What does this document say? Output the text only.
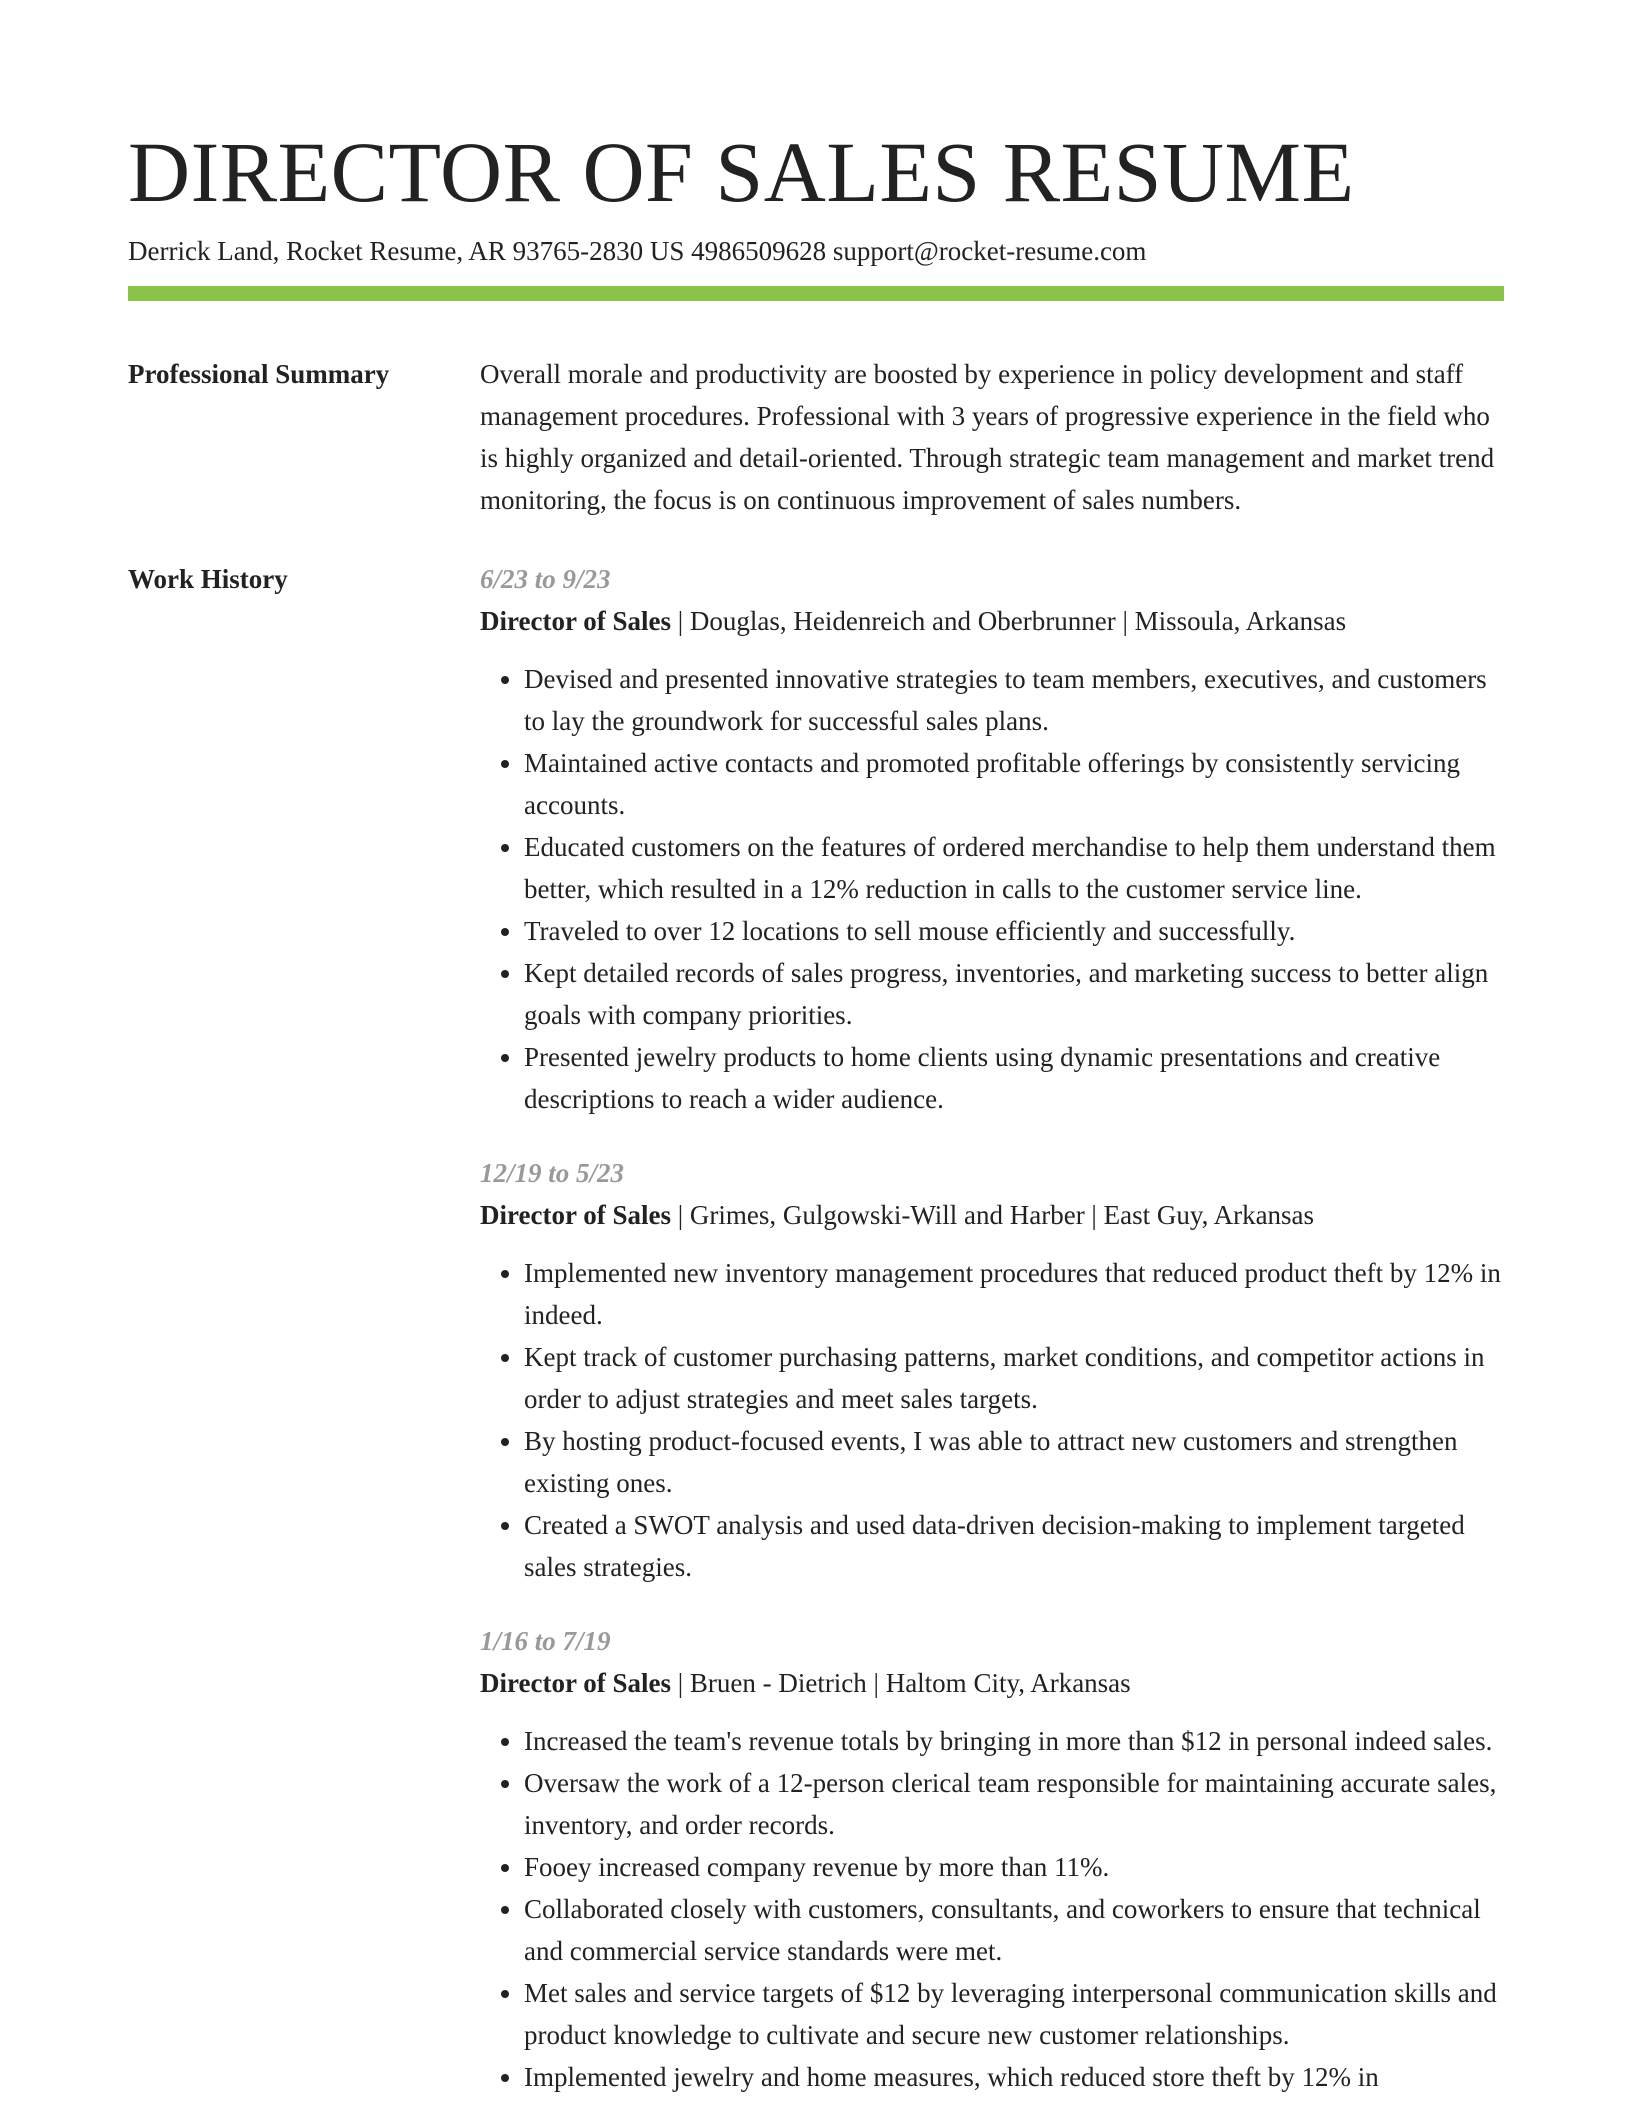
DIRECTOR OF SALES RESUME
Derrick Land, Rocket Resume, AR 93765-2830 US 4986509628 support@rocket-resume.com
Professional Summary	Overall morale and productivity are boosted by experience in policy development and staff management procedures. Professional with 3 years of progressive experience in the field who is highly organized and detail-oriented. Through strategic team management and market trend monitoring, the focus is on continuous improvement of sales numbers.

Work History	6/23 to 9/23
Director of Sales | Douglas, Heidenreich and Oberbrunner | Missoula, Arkansas
• Devised and presented innovative strategies to team members, executives, and customers to lay the groundwork for successful sales plans.
• Maintained active contacts and promoted profitable offerings by consistently servicing accounts.
• Educated customers on the features of ordered merchandise to help them understand them better, which resulted in a 12% reduction in calls to the customer service line.
• Traveled to over 12 locations to sell mouse efficiently and successfully.
• Kept detailed records of sales progress, inventories, and marketing success to better align goals with company priorities.
• Presented jewelry products to home clients using dynamic presentations and creative descriptions to reach a wider audience.
12/19 to 5/23
Director of Sales | Grimes, Gulgowski-Will and Harber | East Guy, Arkansas
• Implemented new inventory management procedures that reduced product theft by 12% in indeed.
• Kept track of customer purchasing patterns, market conditions, and competitor actions in order to adjust strategies and meet sales targets.
• By hosting product-focused events, I was able to attract new customers and strengthen existing ones.
• Created a SWOT analysis and used data-driven decision-making to implement targeted sales strategies.
1/16 to 7/19
Director of Sales | Bruen - Dietrich | Haltom City, Arkansas
• Increased the team's revenue totals by bringing in more than $12 in personal indeed sales.
• Oversaw the work of a 12-person clerical team responsible for maintaining accurate sales, inventory, and order records.
• Fooey increased company revenue by more than 11%.
• Collaborated closely with customers, consultants, and coworkers to ensure that technical and commercial service standards were met.
• Met sales and service targets of $12 by leveraging interpersonal communication skills and product knowledge to cultivate and secure new customer relationships.
• Implemented jewelry and home measures, which reduced store theft by 12% in
